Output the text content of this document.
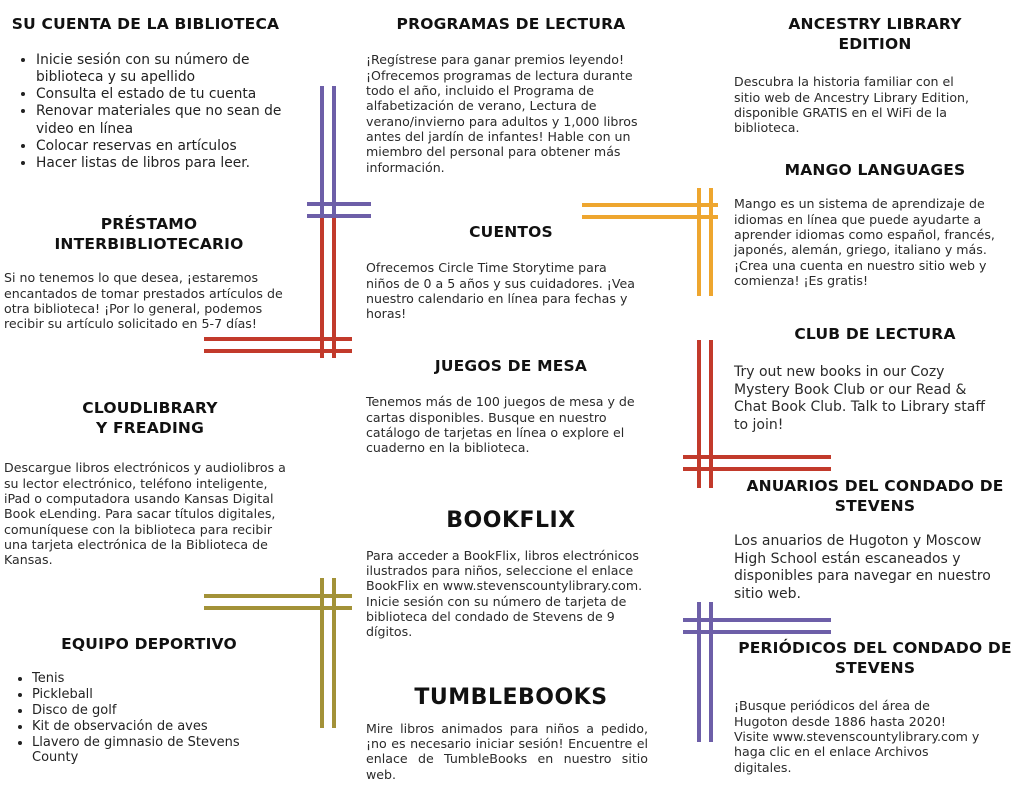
SU CUENTA DE LA BIBLIOTECA
• Inicie sesión con su número de biblioteca y su apellido
• Consulta el estado de tu cuenta
• Renovar materiales que no sean de video en línea
• Colocar reservas en artículos
• Hacer listas de libros para leer.
PRÉSTAMO INTERBIBLIOTECARIO

Si no tenemos lo que desea, ¡estaremos encantados de tomar prestados artículos de otra biblioteca! ¡Por lo general, podemos recibir su artículo solicitado en 5-7 días!

CLOUDLIBRARY
Y FREADING

Descargue libros electrónicos y audiolibros a su lector electrónico, teléfono inteligente, iPad o computadora usando Kansas Digital Book eLending. Para sacar títulos digitales, comuníquese con la biblioteca para recibir una tarjeta electrónica de la Biblioteca de Kansas.

EQUIPO DEPORTIVO
• Tenis
• Pickleball
• Disco de golf
• Kit de observación de aves
• Llavero de gimnasio de Stevens County
PROGRAMAS DE LECTURA

¡Regístrese para ganar premios leyendo! ¡Ofrecemos programas de lectura durante todo el año, incluido el Programa de alfabetización de verano, Lectura de verano/invierno para adultos y 1,000 libros antes del jardín de infantes! Hable con un miembro del personal para obtener más información.

CUENTOS

Ofrecemos Circle Time Storytime para niños de 0 a 5 años y sus cuidadores. ¡Vea nuestro calendario en línea para fechas y horas!

JUEGOS DE MESA

Tenemos más de 100 juegos de mesa y de cartas disponibles. Busque en nuestro catálogo de tarjetas en línea o explore el cuaderno en la biblioteca.

BOOKFLIX

Para acceder a BookFlix, libros electrónicos ilustrados para niños, seleccione el enlace BookFlix en www.stevenscountylibrary.com. Inicie sesión con su número de tarjeta de biblioteca del condado de Stevens de 9 dígitos.

TUMBLEBOOKS

Mire libros animados para niños a pedido, ¡no es necesario iniciar sesión! Encuentre el enlace de TumbleBooks en nuestro sitio web.

ANCESTRY LIBRARY
EDITION

Descubra la historia familiar con el sitio web de Ancestry Library Edition, disponible GRATIS en el WiFi de la biblioteca.

MANGO LANGUAGES

Mango es un sistema de aprendizaje de idiomas en línea que puede ayudarte a aprender idiomas como español, francés, japonés, alemán, griego, italiano y más. ¡Crea una cuenta en nuestro sitio web y comienza! ¡Es gratis!

CLUB DE LECTURA

Try out new books in our Cozy Mystery Book Club or our Read & Chat Book Club. Talk to Library staff to join!

ANUARIOS DEL CONDADO DE
STEVENS

Los anuarios de Hugoton y Moscow High School están escaneados y disponibles para navegar en nuestro sitio web.

PERIÓDICOS DEL CONDADO DE
STEVENS

¡Busque periódicos del área de Hugoton desde 1886 hasta 2020! Visite www.stevenscountylibrary.com y haga clic en el enlace Archivos digitales.
